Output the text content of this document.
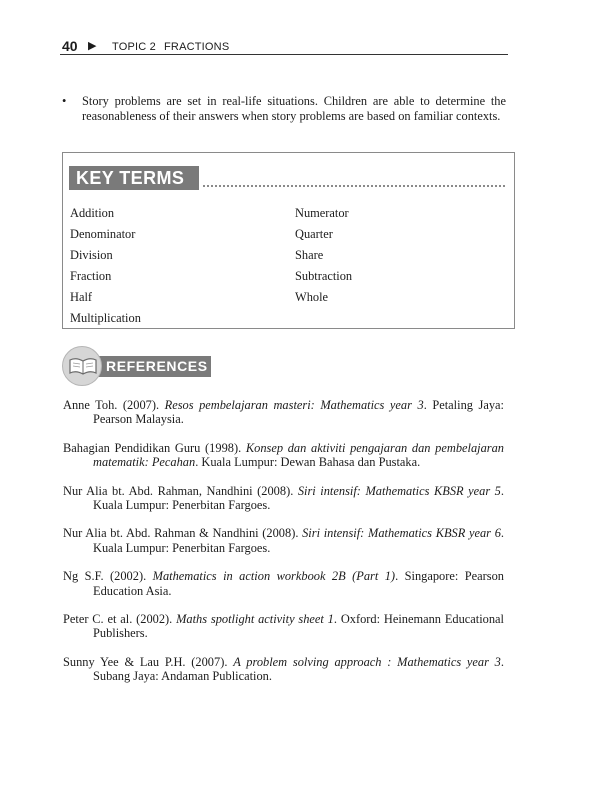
40 ▶ TOPIC 2 FRACTIONS
• Story problems are set in real-life situations. Children are able to determine the reasonableness of their answers when story problems are based on familiar contexts.
KEY TERMS
Addition
Denominator
Division
Fraction
Half
Multiplication
Numerator
Quarter
Share
Subtraction
Whole
REFERENCES
Anne Toh. (2007). Resos pembelajaran masteri: Mathematics year 3. Petaling Jaya: Pearson Malaysia.
Bahagian Pendidikan Guru (1998). Konsep dan aktiviti pengajaran dan pembelajaran matematik: Pecahan. Kuala Lumpur: Dewan Bahasa dan Pustaka.
Nur Alia bt. Abd. Rahman, Nandhini (2008). Siri intensif: Mathematics KBSR year 5. Kuala Lumpur: Penerbitan Fargoes.
Nur Alia bt. Abd. Rahman & Nandhini (2008). Siri intensif: Mathematics KBSR year 6. Kuala Lumpur: Penerbitan Fargoes.
Ng S.F. (2002). Mathematics in action workbook 2B (Part 1). Singapore: Pearson Education Asia.
Peter C. et al. (2002). Maths spotlight activity sheet 1. Oxford: Heinemann Educational Publishers.
Sunny Yee & Lau P.H. (2007). A problem solving approach : Mathematics year 3. Subang Jaya: Andaman Publication.
